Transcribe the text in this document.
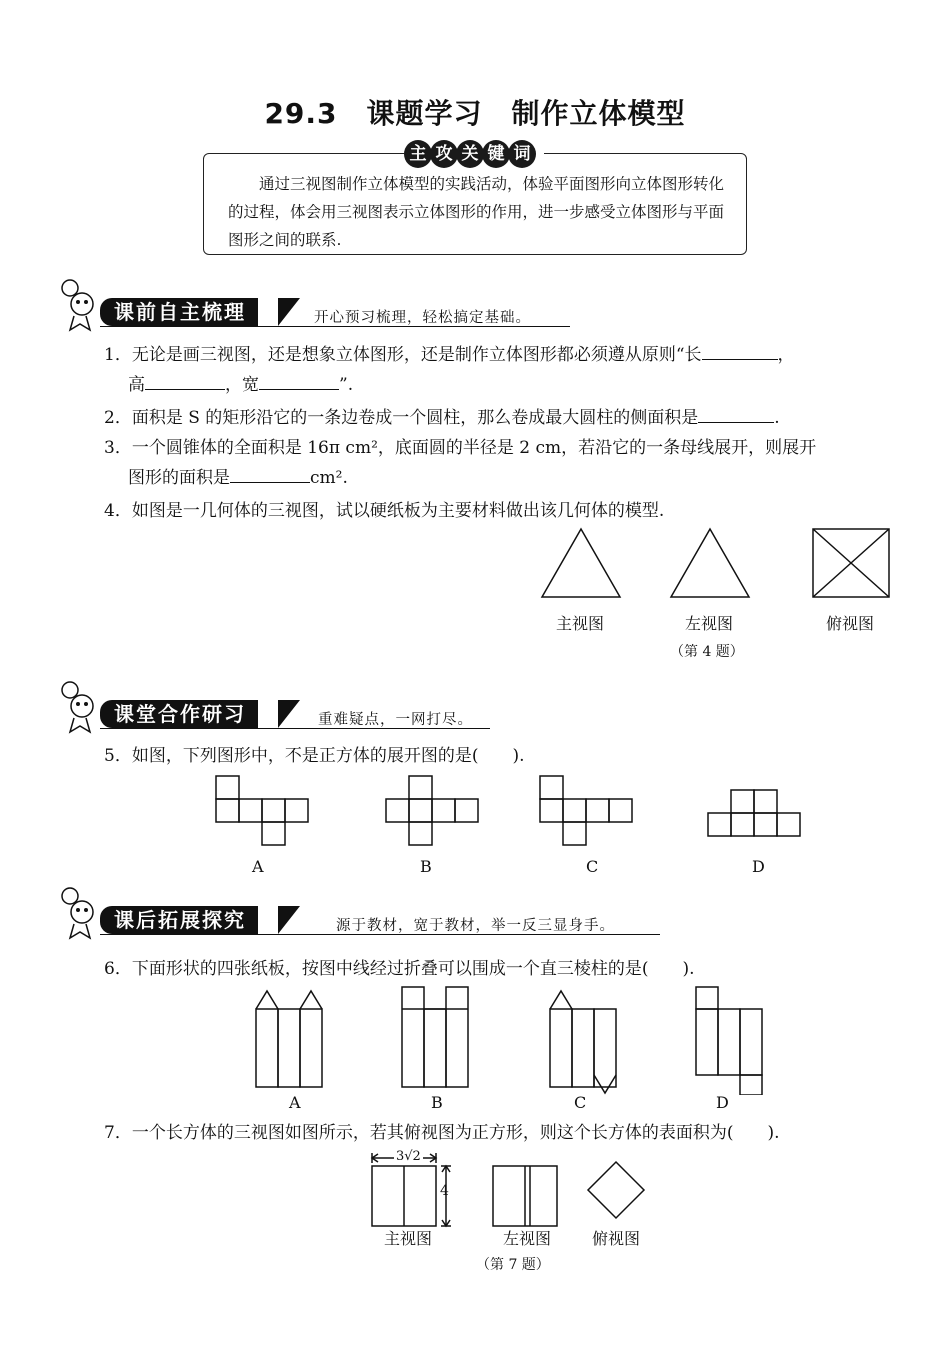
29.3　课题学习　制作立体模型
主 攻 关 键 词
通过三视图制作立体模型的实践活动，体验平面图形向立体图形转化的过程，体会用三视图表示立体图形的作用，进一步感受立体图形与平面图形之间的联系.
课前自主梳理	开心预习梳理，轻松搞定基础。
1．无论是画三视图，还是想象立体图形，还是制作立体图形都必须遵从原则“长	，
高	，宽	”.
2．面积是 S 的矩形沿它的一条边卷成一个圆柱，那么卷成最大圆柱的侧面积是	.
3．一个圆锥体的全面积是 16π cm²，底面圆的半径是 2 cm，若沿它的一条母线展开，则展开
图形的面积是	cm².
4．如图是一几何体的三视图，试以硬纸板为主要材料做出该几何体的模型.
主视图	左视图	俯视图
（第 4 题）
课堂合作研习	重难疑点，一网打尽。
5．如图，下列图形中，不是正方体的展开图的是(　　).
A	B	C	D
课后拓展探究	源于教材，宽于教材，举一反三显身手。
6．下面形状的四张纸板，按图中线经过折叠可以围成一个直三棱柱的是(　　).
A	B	C	D
7．一个长方体的三视图如图所示，若其俯视图为正方形，则这个长方体的表面积为(　　).
3√2
4
主视图	左视图	俯视图
（第 7 题）
